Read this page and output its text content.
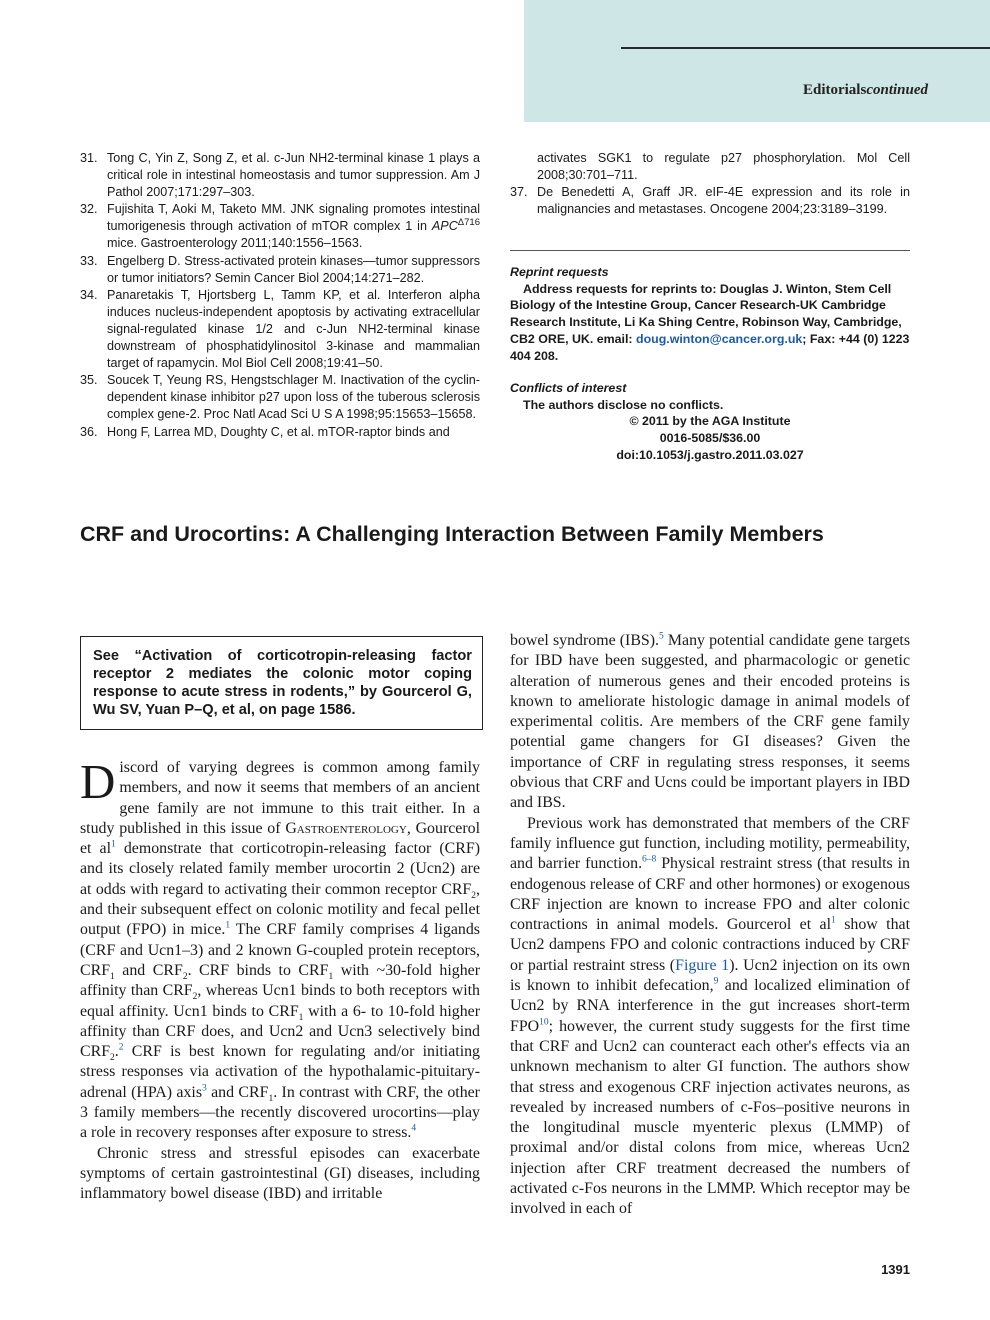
Editorialscontinued
31. Tong C, Yin Z, Song Z, et al. c-Jun NH2-terminal kinase 1 plays a critical role in intestinal homeostasis and tumor suppression. Am J Pathol 2007;171:297–303.
32. Fujishita T, Aoki M, Taketo MM. JNK signaling promotes intestinal tumorigenesis through activation of mTOR complex 1 in $APC^{\Delta 716}$ mice. Gastroenterology 2011;140:1556–1563.
33. Engelberg D. Stress-activated protein kinases—tumor suppressors or tumor initiators? Semin Cancer Biol 2004;14:271–282.
34. Panaretakis T, Hjortsberg L, Tamm KP, et al. Interferon alpha induces nucleus-independent apoptosis by activating extracellular signal-regulated kinase 1/2 and c-Jun NH2-terminal kinase downstream of phosphatidylinositol 3-kinase and mammalian target of rapamycin. Mol Biol Cell 2008;19:41–50.
35. Soucek T, Yeung RS, Hengstschlager M. Inactivation of the cyclin-dependent kinase inhibitor p27 upon loss of the tuberous sclerosis complex gene-2. Proc Natl Acad Sci U S A 1998;95:15653–15658.
36. Hong F, Larrea MD, Doughty C, et al. mTOR-raptor binds and
activates SGK1 to regulate p27 phosphorylation. Mol Cell 2008;30:701–711.
37. De Benedetti A, Graff JR. eIF-4E expression and its role in malignancies and metastases. Oncogene 2004;23:3189–3199.
Reprint requests
Address requests for reprints to: Douglas J. Winton, Stem Cell Biology of the Intestine Group, Cancer Research-UK Cambridge Research Institute, Li Ka Shing Centre, Robinson Way, Cambridge, CB2 ORE, UK. email: doug.winton@cancer.org.uk; Fax: +44 (0) 1223 404 208.
Conflicts of interest
The authors disclose no conflicts.
© 2011 by the AGA Institute
0016-5085/$36.00
doi:10.1053/j.gastro.2011.03.027
CRF and Urocortins: A Challenging Interaction Between Family Members
See “Activation of corticotropin-releasing factor receptor 2 mediates the colonic motor coping response to acute stress in rodents,” by Gourcerol G, Wu SV, Yuan P–Q, et al, on page 1586.

Discord of varying degrees is common among family members, and now it seems that members of an ancient gene family are not immune to this trait either. In a study published in this issue of Gastroenterology, Gourcerol et $al^1$ demonstrate that corticotropin-releasing factor (CRF) and its closely related family member urocortin 2 (Ucn2) are at odds with regard to activating their common receptor $CRF_2$, and their subsequent effect on colonic motility and fecal pellet output (FPO) in mice.$^1$ The CRF family comprises 4 ligands (CRF and Ucn1–3) and 2 known G-coupled protein receptors, $CRF_1$ and $CRF_2$. CRF binds to $CRF_1$ with ~30-fold higher affinity than $CRF_2$, whereas Ucn1 binds to both receptors with equal affinity. Ucn1 binds to $CRF_1$ with a 6- to 10-fold higher affinity than CRF does, and Ucn2 and Ucn3 selectively bind $CRF_2.^2$ CRF is best known for regulating and/or initiating stress responses via activation of the hypothalamic-pituitary-adrenal (HPA) axis$^3$ and $CRF_1$. In contrast with CRF, the other 3 family members—the recently discovered urocortins—play a role in recovery responses after exposure to stress.$^4$

Chronic stress and stressful episodes can exacerbate symptoms of certain gastrointestinal (GI) diseases, including inflammatory bowel disease (IBD) and irritable

bowel syndrome (IBS).$^5$ Many potential candidate gene targets for IBD have been suggested, and pharmacologic or genetic alteration of numerous genes and their encoded proteins is known to ameliorate histologic damage in animal models of experimental colitis. Are members of the CRF gene family potential game changers for GI diseases? Given the importance of CRF in regulating stress responses, it seems obvious that CRF and Ucns could be important players in IBD and IBS.

Previous work has demonstrated that members of the CRF family influence gut function, including motility, permeability, and barrier function.$^{6-8}$ Physical restraint stress (that results in endogenous release of CRF and other hormones) or exogenous CRF injection are known to increase FPO and alter colonic contractions in animal models. Gourcerol et $al^1$ show that Ucn2 dampens FPO and colonic contractions induced by CRF or partial restraint stress (Figure 1). Ucn2 injection on its own is known to inhibit defecation,$^9$ and localized elimination of Ucn2 by RNA interference in the gut increases short-term FPO$^{10}$; however, the current study suggests for the first time that CRF and Ucn2 can counteract each other's effects via an unknown mechanism to alter GI function. The authors show that stress and exogenous CRF injection activates neurons, as revealed by increased numbers of c-Fos–positive neurons in the longitudinal muscle myenteric plexus (LMMP) of proximal and/or distal colons from mice, whereas Ucn2 injection after CRF treatment decreased the numbers of activated c-Fos neurons in the LMMP. Which receptor may be involved in each of

1391
